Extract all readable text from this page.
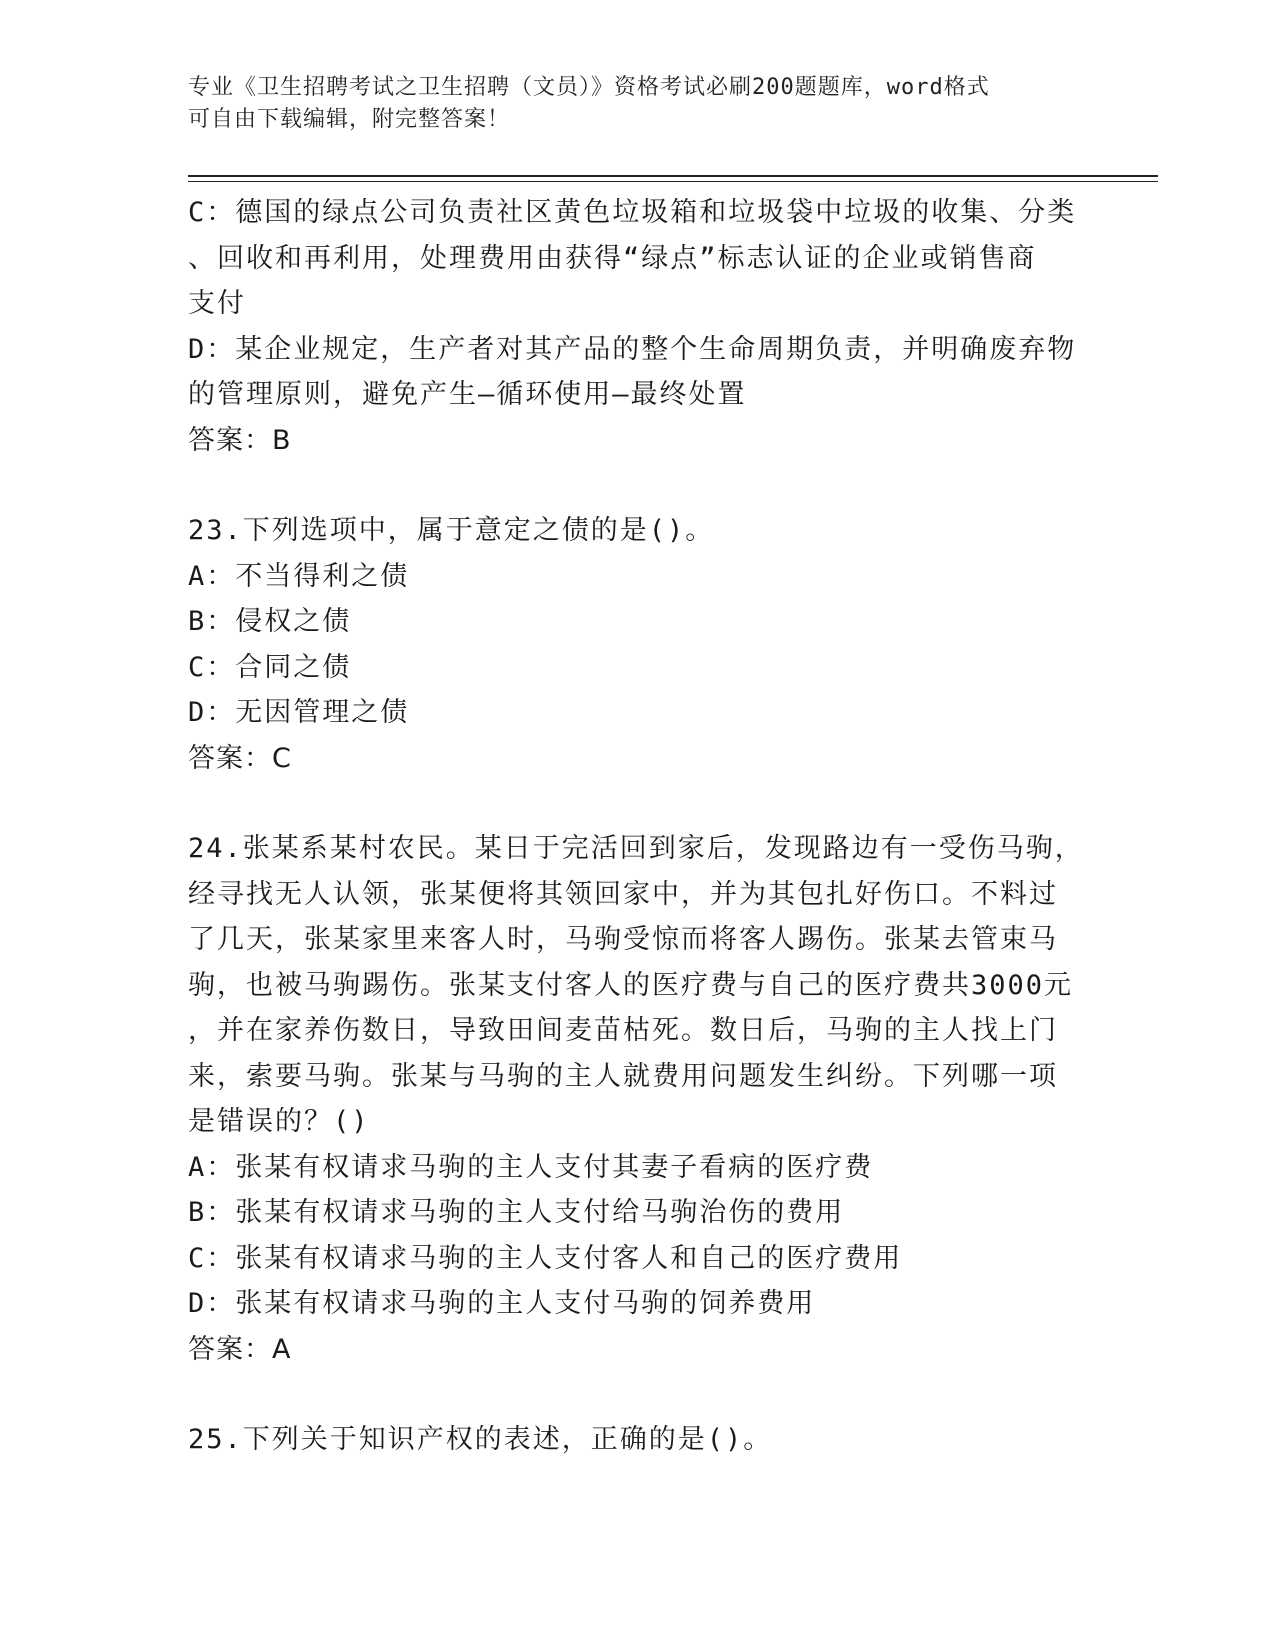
专业《卫生招聘考试之卫生招聘（文员）》资格考试必刷200题题库，word格式
可自由下载编辑，附完整答案！

C：德国的绿点公司负责社区黄色垃圾箱和垃圾袋中垃圾的收集、分类

、回收和再利用，处理费用由获得“绿点”标志认证的企业或销售商

支付

D：某企业规定，生产者对其产品的整个生命周期负责，并明确废弃物

的管理原则，避免产生—循环使用—最终处置

答案：B

23.下列选项中，属于意定之债的是()。

A：不当得利之债

B：侵权之债

C：合同之债

D：无因管理之债

答案：C

24.张某系某村农民。某日于完活回到家后，发现路边有一受伤马驹，

经寻找无人认领，张某便将其领回家中，并为其包扎好伤口。不料过

了几天，张某家里来客人时，马驹受惊而将客人踢伤。张某去管束马

驹，也被马驹踢伤。张某支付客人的医疗费与自己的医疗费共3000元

，并在家养伤数日，导致田间麦苗枯死。数日后，马驹的主人找上门

来，索要马驹。张某与马驹的主人就费用问题发生纠纷。下列哪一项

是错误的？()

A：张某有权请求马驹的主人支付其妻子看病的医疗费

B：张某有权请求马驹的主人支付给马驹治伤的费用

C：张某有权请求马驹的主人支付客人和自己的医疗费用

D：张某有权请求马驹的主人支付马驹的饲养费用

答案：A

25.下列关于知识产权的表述，正确的是()。
